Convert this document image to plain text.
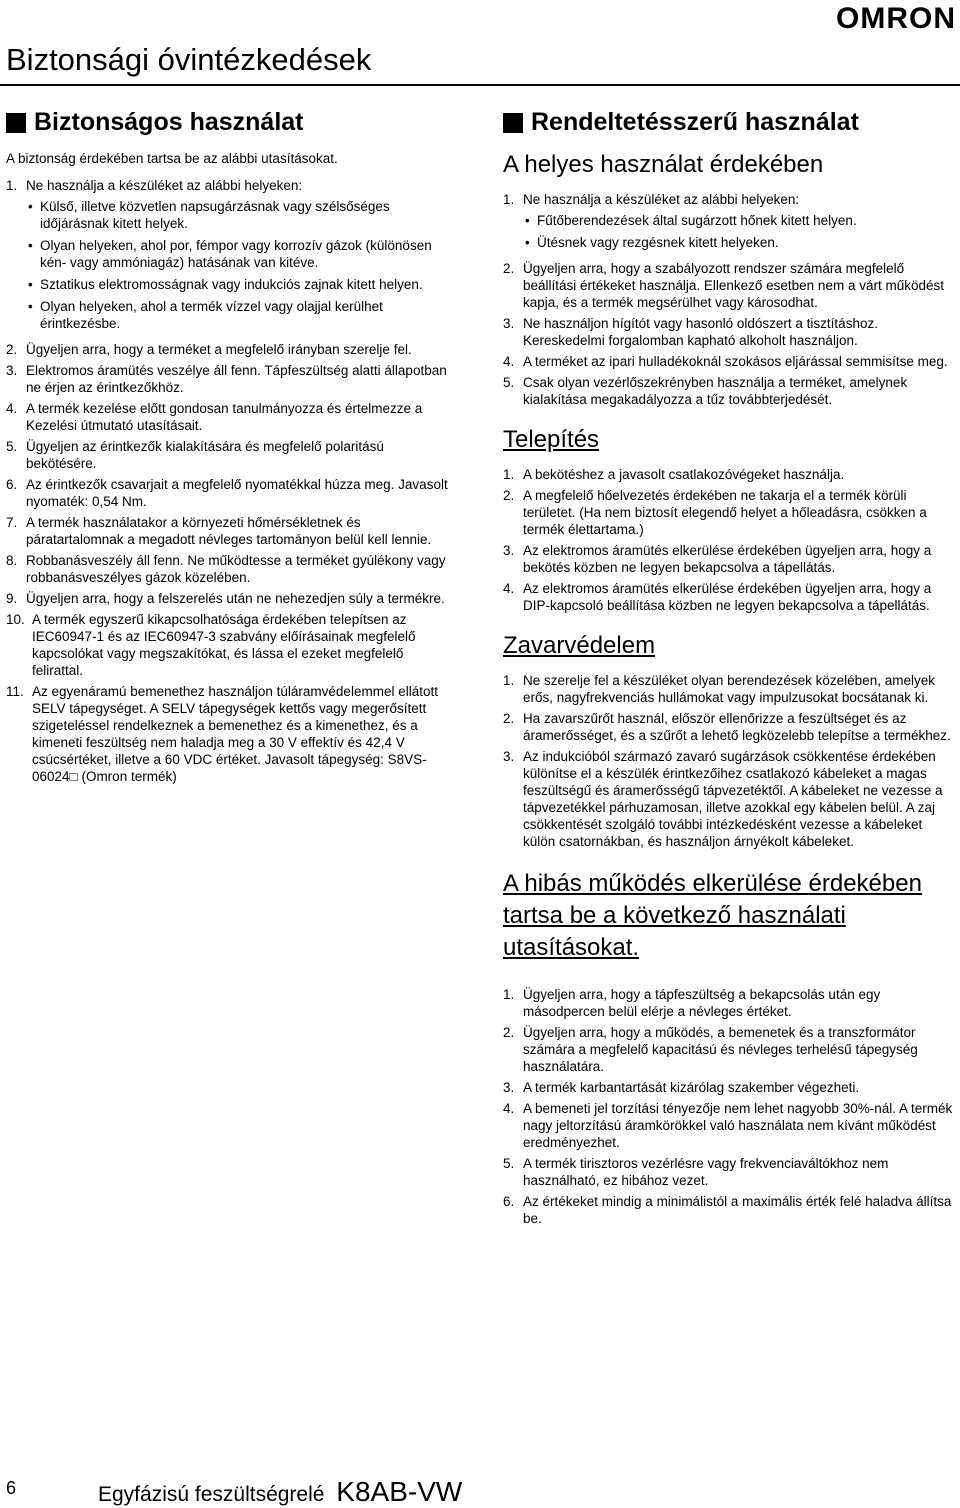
OMRON
Biztonsági óvintézkedések
Biztonságos használat

A biztonság érdekében tartsa be az alábbi utasításokat.

1. Ne használja a készüléket az alábbi helyeken:
• Külső, illetve közvetlen napsugárzásnak vagy szélsőséges időjárásnak kitett helyek.
• Olyan helyeken, ahol por, fémpor vagy korrozív gázok (különösen kén- vagy ammóniagáz) hatásának van kitéve.
• Sztatikus elektromosságnak vagy indukciós zajnak kitett helyen.
• Olyan helyeken, ahol a termék vízzel vagy olajjal kerülhet érintkezésbe.
2. Ügyeljen arra, hogy a terméket a megfelelő irányban szerelje fel.
3. Elektromos áramütés veszélye áll fenn. Tápfeszültség alatti állapotban ne érjen az érintkezőkhöz.
4. A termék kezelése előtt gondosan tanulmányozza és értelmezze a Kezelési útmutató utasításait.
5. Ügyeljen az érintkezők kialakítására és megfelelő polaritású bekötésére.
6. Az érintkezők csavarjait a megfelelő nyomatékkal húzza meg. Javasolt nyomaték: 0,54 Nm.
7. A termék használatakor a környezeti hőmérsékletnek és páratartalomnak a megadott névleges tartományon belül kell lennie.
8. Robbanásveszély áll fenn. Ne működtesse a terméket gyúlékony vagy robbanásveszélyes gázok közelében.
9. Ügyeljen arra, hogy a felszerelés után ne nehezedjen súly a termékre.
10. A termék egyszerű kikapcsolhatósága érdekében telepítsen az IEC60947-1 és az IEC60947-3 szabvány előírásainak megfelelő kapcsolókat vagy megszakítókat, és lássa el ezeket megfelelő felirattal.
11. Az egyenáramú bemenethez használjon túláramvédelemmel ellátott SELV tápegységet. A SELV tápegységek kettős vagy megerősített szigeteléssel rendelkeznek a bemenethez és a kimenethez, és a kimeneti feszültség nem haladja meg a 30 V effektív és 42,4 V csúcsértéket, illetve a 60 VDC értéket. Javasolt tápegység: S8VS-06024□ (Omron termék)
Rendeltetésszerű használat
A helyes használat érdekében
1. Ne használja a készüléket az alábbi helyeken:
• Fűtőberendezések által sugárzott hőnek kitett helyen.
• Ütésnek vagy rezgésnek kitett helyeken.
2. Ügyeljen arra, hogy a szabályozott rendszer számára megfelelő beállítási értékeket használja. Ellenkező esetben nem a várt működést kapja, és a termék megsérülhet vagy károsodhat.
3. Ne használjon hígítót vagy hasonló oldószert a tisztításhoz. Kereskedelmi forgalomban kapható alkoholt használjon.
4. A terméket az ipari hulladékoknál szokásos eljárással semmisítse meg.
5. Csak olyan vezérlőszekrényben használja a terméket, amelynek kialakítása megakadályozza a tűz továbbterjedését.
Telepítés
1. A bekötéshez a javasolt csatlakozóvégeket használja.
2. A megfelelő hőelvezetés érdekében ne takarja el a termék körüli területet. (Ha nem biztosít elegendő helyet a hőleadásra, csökken a termék élettartama.)
3. Az elektromos áramütés elkerülése érdekében ügyeljen arra, hogy a bekötés közben ne legyen bekapcsolva a tápellátás.
4. Az elektromos áramütés elkerülése érdekében ügyeljen arra, hogy a DIP-kapcsoló beállítása közben ne legyen bekapcsolva a tápellátás.
Zavarvédelem
1. Ne szerelje fel a készüléket olyan berendezések közelében, amelyek erős, nagyfrekvenciás hullámokat vagy impulzusokat bocsátanak ki.
2. Ha zavarszűrőt használ, először ellenőrizze a feszültséget és az áramerősséget, és a szűrőt a lehető legközelebb telepítse a termékhez.
3. Az indukcióból származó zavaró sugárzások csökkentése érdekében különítse el a készülék érintkezőihez csatlakozó kábeleket a magas feszültségű és áramerősségű tápvezetéktől. A kábeleket ne vezesse a tápvezetékkel párhuzamosan, illetve azokkal egy kábelen belül. A zaj csökkentését szolgáló további intézkedésként vezesse a kábeleket külön csatornákban, és használjon árnyékolt kábeleket.
A hibás működés elkerülése érdekében tartsa be a következő használati utasításokat.
1. Ügyeljen arra, hogy a tápfeszültség a bekapcsolás után egy másodpercen belül elérje a névleges értéket.
2. Ügyeljen arra, hogy a működés, a bemenetek és a transzformátor számára a megfelelő kapacitású és névleges terhelésű tápegység használatára.
3. A termék karbantartását kizárólag szakember végezheti.
4. A bemeneti jel torzítási tényezője nem lehet nagyobb 30%-nál. A termék nagy jeltorzítású áramkörökkel való használata nem kívánt működést eredményezhet.
5. A termék tirisztoros vezérlésre vagy frekvenciaváltókhoz nem használható, ez hibához vezet.
6. Az értékeket mindig a minimálistól a maximális érték felé haladva állítsa be.
6	Egyfázisú feszültségrelé K8AB-VW
